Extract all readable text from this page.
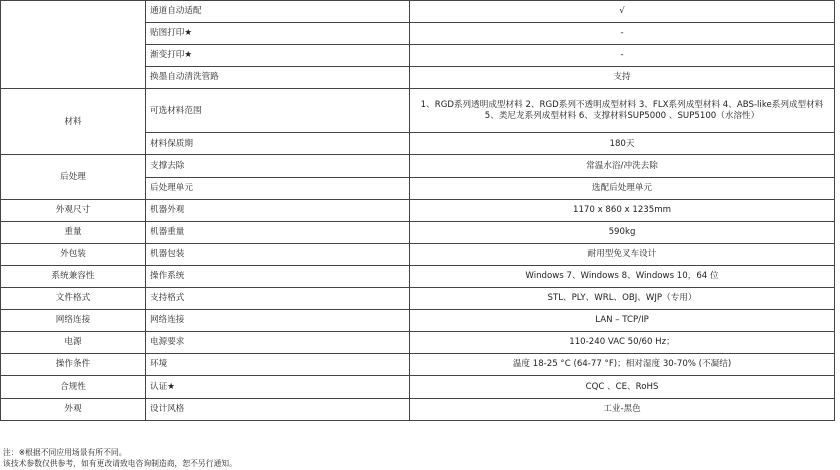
	通道自动适配	√
	贴图打印★	-
	渐变打印★	-
	换墨自动清洗管路	支持
材料	可选材料范围	1、RGD系列透明成型材料 2、RGD系列不透明成型材料 3、FLX系列成型材料 4、ABS-like系列成型材料
5、类尼龙系列成型材料 6、支撑材料SUP5000 、SUP5100（水溶性）

	材料保质期	180天
后处理	支撑去除	常温水浴/冲洗去除
	后处理单元	选配后处理单元
外观尺寸	机器外观	1170 x 860 x 1235mm
重量	机器重量	590kg
外包装	机器包装	耐用型免叉车设计
系统兼容性	操作系统	Windows 7、Windows 8、Windows 10，64 位
文件格式	支持格式	STL、PLY、WRL、OBJ、WJP（专用）
网络连接	网络连接	LAN – TCP/IP
电源	电源要求	110-240 VAC 50/60 Hz；
操作条件	环境	温度 18-25 °C (64-77 °F)；相对湿度 30-70% (不凝结)
合规性	认证★	CQC 、CE、RoHS
外观	设计风格	工业-黑色
注：※根据不同应用场景有所不同。
该技术参数仅供参考，如有更改请致电咨询制造商，恕不另行通知。
